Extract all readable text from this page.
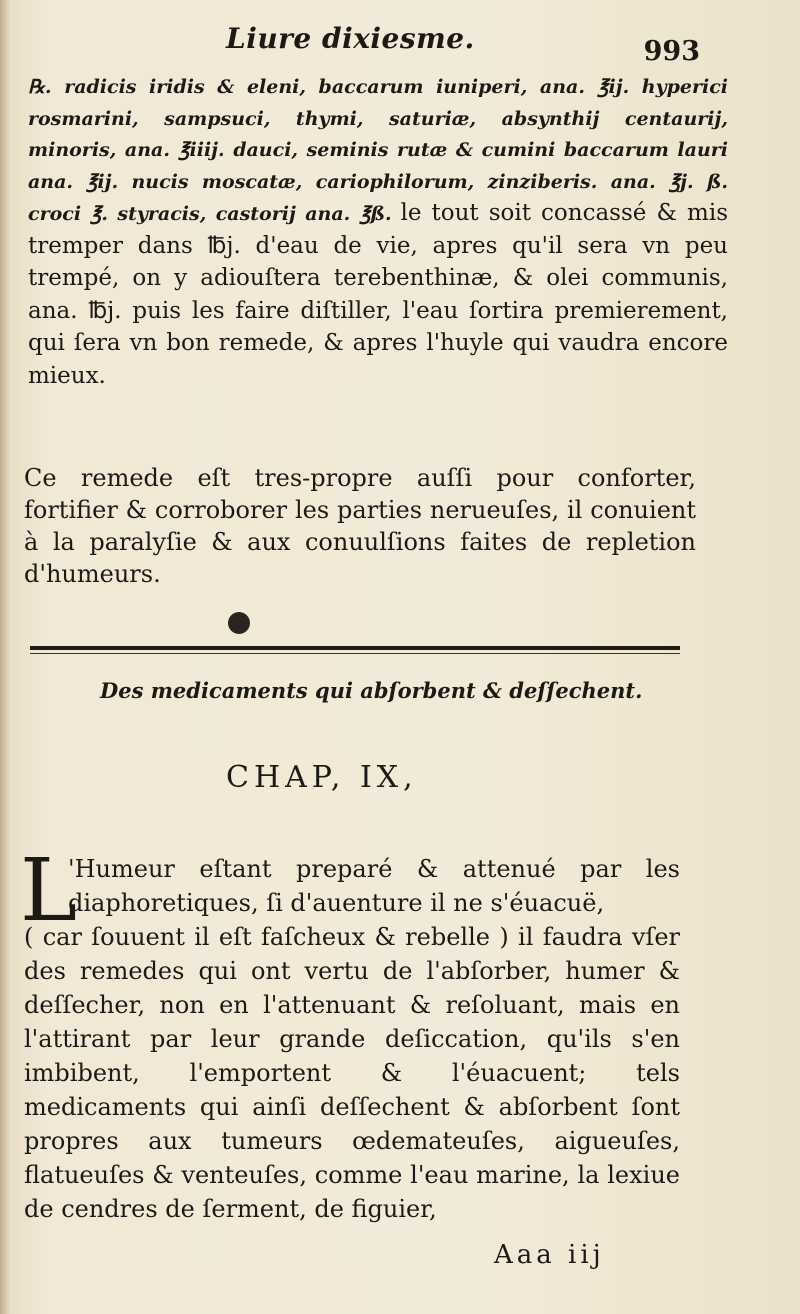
Liure dixiesme.	993
℞. radicis iridis & eleni, baccarum iuniperi, ana. ℥ij. hyperici rosmarini, sampsuci, thymi, saturiæ, absynthij centaurij, minoris, ana. ℥iiij. dauci, seminis rutæ & cumini baccarum lauri ana. ℥ij. nucis moscatæ, cariophilorum, zinziberis. ana. ℥j. ß. croci ℥. styracis, castorij ana. ℥ß. le tout soit concassé & mis tremper dans ℔j. d'eau de vie, apres qu'il sera vn peu trempé, on y adiouſtera terebenthinæ, & olei communis, ana. ℔j. puis les faire diſtiller, l'eau ſortira premierement, qui ſera vn bon remede, & apres l'huyle qui vaudra encore mieux.
Ce remede eſt tres-propre auſſi pour conforter, fortifier & corroborer les parties nerueuſes, il conuient à la paralyſie & aux conuulſions faites de repletion d'humeurs.
Des medicaments qui abſorbent & deſſechent.
CHAP, IX,
L
'Humeur eſtant preparé & attenué par les diaphoretiques, ſi d'auenture il ne s'éuacuë,
( car ſouuent il eſt faſcheux & rebelle ) il faudra vſer des remedes qui ont vertu de l'abſorber, humer & deſſecher, non en l'attenuant & reſoluant, mais en l'attirant par leur grande deſiccation, qu'ils s'en imbibent, l'emportent & l'éuacuent; tels medicaments qui ainſi deſſechent & abſorbent ſont propres aux tumeurs œdemateuſes, aigueuſes, flatueuſes & venteuſes, comme l'eau marine, la lexiue de cendres de ſerment, de figuier,
Aaa iij
